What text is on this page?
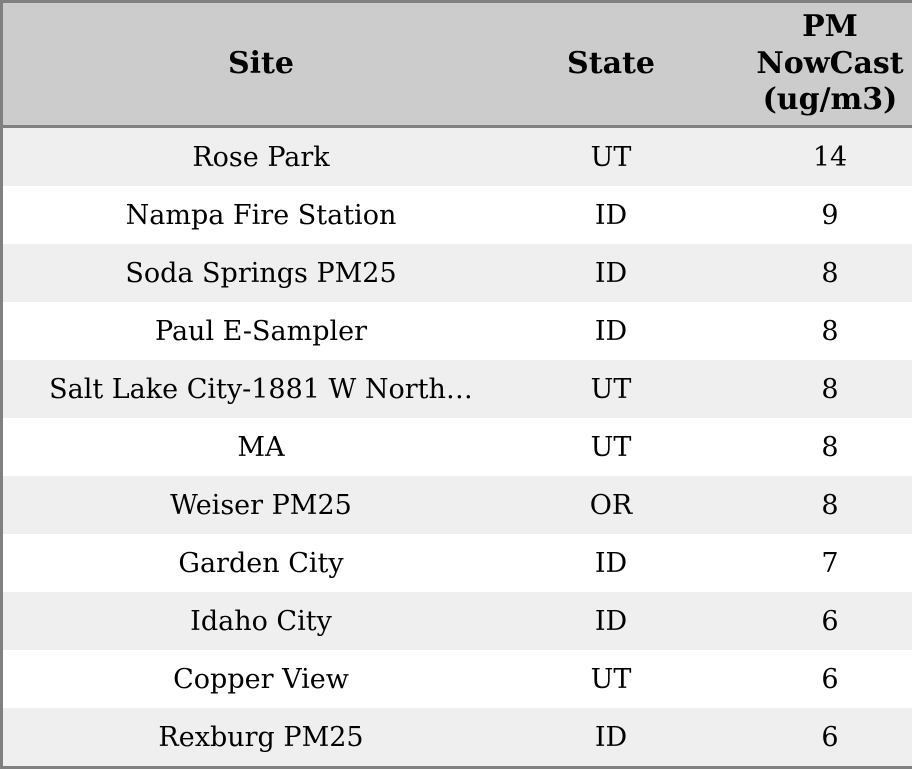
Site	State	PM
NowCast
(ug/m3)

Rose Park	UT	14
Nampa Fire Station	ID	9
Soda Springs PM25	ID	8
Paul E-Sampler	ID	8
Salt Lake City-1881 W North…	UT	8
MA	UT	8
Weiser PM25	OR	8
Garden City	ID	7
Idaho City	ID	6
Copper View	UT	6
Rexburg PM25	ID	6
